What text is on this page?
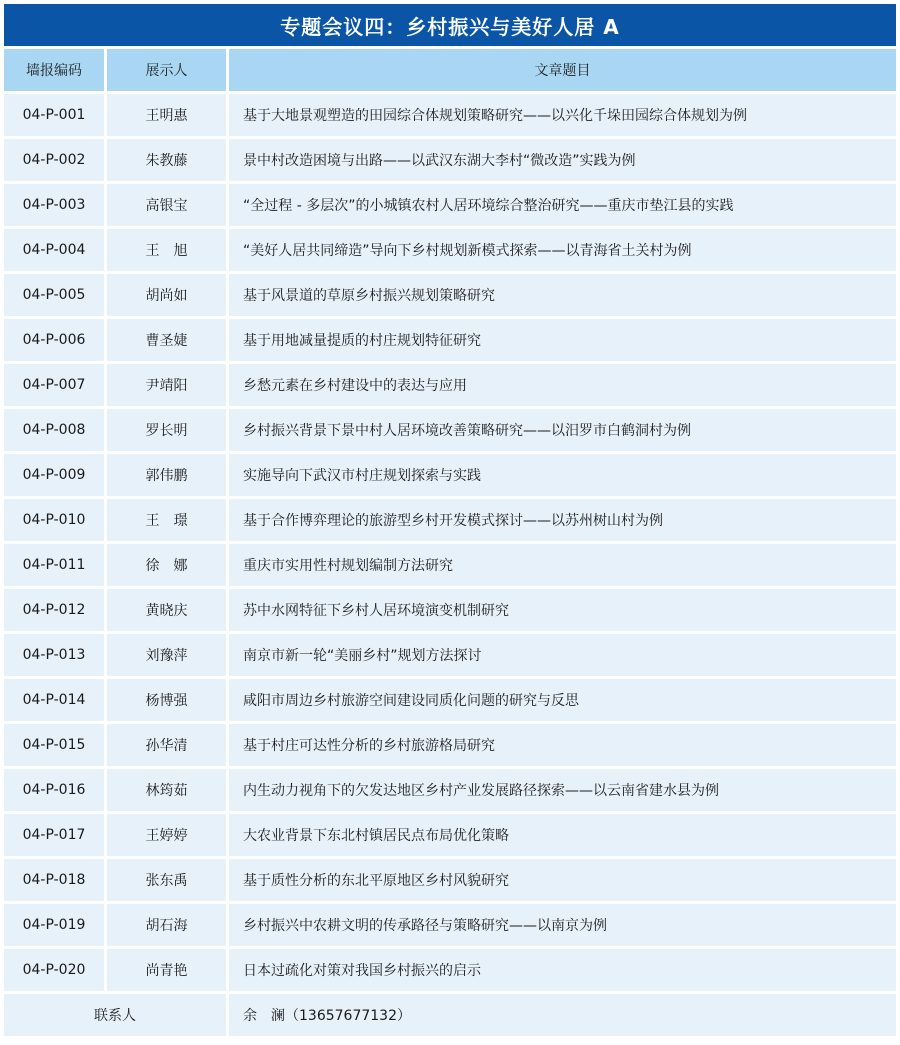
专题会议四：乡村振兴与美好人居 A
墙报编码	展示人	文章题目
04-P-001	王明惠	基于大地景观塑造的田园综合体规划策略研究——以兴化千垛田园综合体规划为例
04-P-002	朱教藤	景中村改造困境与出路——以武汉东湖大李村“微改造”实践为例
04-P-003	高银宝	“全过程 - 多层次”的小城镇农村人居环境综合整治研究——重庆市垫江县的实践
04-P-004	王　旭	“美好人居共同缔造”导向下乡村规划新模式探索——以青海省土关村为例
04-P-005	胡尚如	基于风景道的草原乡村振兴规划策略研究
04-P-006	曹圣婕	基于用地减量提质的村庄规划特征研究
04-P-007	尹靖阳	乡愁元素在乡村建设中的表达与应用
04-P-008	罗长明	乡村振兴背景下景中村人居环境改善策略研究——以汨罗市白鹤洞村为例
04-P-009	郭伟鹏	实施导向下武汉市村庄规划探索与实践
04-P-010	王　璟	基于合作博弈理论的旅游型乡村开发模式探讨——以苏州树山村为例
04-P-011	徐　娜	重庆市实用性村规划编制方法研究
04-P-012	黄晓庆	苏中水网特征下乡村人居环境演变机制研究
04-P-013	刘豫萍	南京市新一轮“美丽乡村”规划方法探讨
04-P-014	杨博强	咸阳市周边乡村旅游空间建设同质化问题的研究与反思
04-P-015	孙华清	基于村庄可达性分析的乡村旅游格局研究
04-P-016	林筠茹	内生动力视角下的欠发达地区乡村产业发展路径探索——以云南省建水县为例
04-P-017	王婷婷	大农业背景下东北村镇居民点布局优化策略
04-P-018	张东禹	基于质性分析的东北平原地区乡村风貌研究
04-P-019	胡石海	乡村振兴中农耕文明的传承路径与策略研究——以南京为例
04-P-020	尚青艳	日本过疏化对策对我国乡村振兴的启示
联系人	余　澜（13657677132）
